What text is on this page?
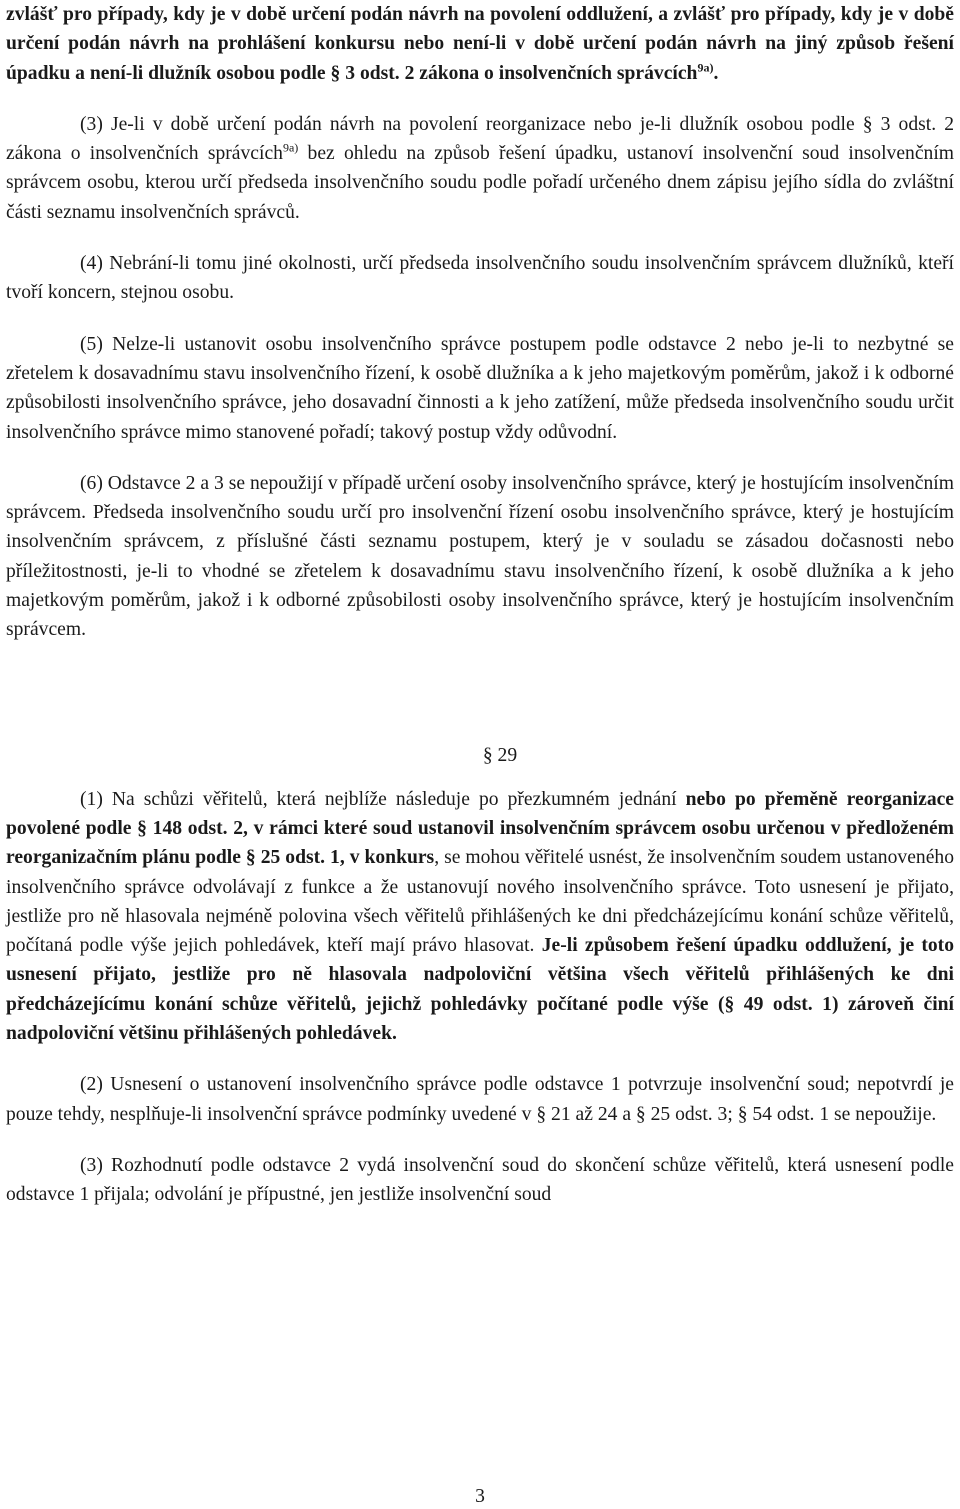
zvlášť pro případy, kdy je v době určení podán návrh na povolení oddlužení, a zvlášť pro případy, kdy je v době určení podán návrh na prohlášení konkursu nebo není-li v době určení podán návrh na jiný způsob řešení úpadku a není-li dlužník osobou podle § 3 odst. 2 zákona o insolvenčních správcích$^{9a)}$.

(3) Je-li v době určení podán návrh na povolení reorganizace nebo je-li dlužník osobou podle § 3 odst. 2 zákona o insolvenčních správcích$^{9a)}$ bez ohledu na způsob řešení úpadku, ustanoví insolvenční soud insolvenčním správcem osobu, kterou určí předseda insolvenčního soudu podle pořadí určeného dnem zápisu jejího sídla do zvláštní části seznamu insolvenčních správců.

(4) Nebrání-li tomu jiné okolnosti, určí předseda insolvenčního soudu insolvenčním správcem dlužníků, kteří tvoří koncern, stejnou osobu.

(5) Nelze-li ustanovit osobu insolvenčního správce postupem podle odstavce 2 nebo je-li to nezbytné se zřetelem k dosavadnímu stavu insolvenčního řízení, k osobě dlužníka a k jeho majetkovým poměrům, jakož i k odborné způsobilosti insolvenčního správce, jeho dosavadní činnosti a k jeho zatížení, může předseda insolvenčního soudu určit insolvenčního správce mimo stanovené pořadí; takový postup vždy odůvodní.

(6) Odstavce 2 a 3 se nepoužijí v případě určení osoby insolvenčního správce, který je hostujícím insolvenčním správcem. Předseda insolvenčního soudu určí pro insolvenční řízení osobu insolvenčního správce, který je hostujícím insolvenčním správcem, z příslušné části seznamu postupem, který je v souladu se zásadou dočasnosti nebo příležitostnosti, je-li to vhodné se zřetelem k dosavadnímu stavu insolvenčního řízení, k osobě dlužníka a k jeho majetkovým poměrům, jakož i k odborné způsobilosti osoby insolvenčního správce, který je hostujícím insolvenčním správcem.

§ 29

(1) Na schůzi věřitelů, která nejblíže následuje po přezkumném jednání nebo po přeměně reorganizace povolené podle § 148 odst. 2, v rámci které soud ustanovil insolvenčním správcem osobu určenou v předloženém reorganizačním plánu podle § 25 odst. 1, v konkurs, se mohou věřitelé usnést, že insolvenčním soudem ustanoveného insolvenčního správce odvolávají z funkce a že ustanovují nového insolvenčního správce. Toto usnesení je přijato, jestliže pro ně hlasovala nejméně polovina všech věřitelů přihlášených ke dni předcházejícímu konání schůze věřitelů, počítaná podle výše jejich pohledávek, kteří mají právo hlasovat. Je-li způsobem řešení úpadku oddlužení, je toto usnesení přijato, jestliže pro ně hlasovala nadpoloviční většina všech věřitelů přihlášených ke dni předcházejícímu konání schůze věřitelů, jejichž pohledávky počítané podle výše (§ 49 odst. 1) zároveň činí nadpoloviční většinu přihlášených pohledávek.

(2) Usnesení o ustanovení insolvenčního správce podle odstavce 1 potvrzuje insolvenční soud; nepotvrdí je pouze tehdy, nesplňuje-li insolvenční správce podmínky uvedené v § 21 až 24 a § 25 odst. 3; § 54 odst. 1 se nepoužije.

(3) Rozhodnutí podle odstavce 2 vydá insolvenční soud do skončení schůze věřitelů, která usnesení podle odstavce 1 přijala; odvolání je přípustné, jen jestliže insolvenční soud

3
